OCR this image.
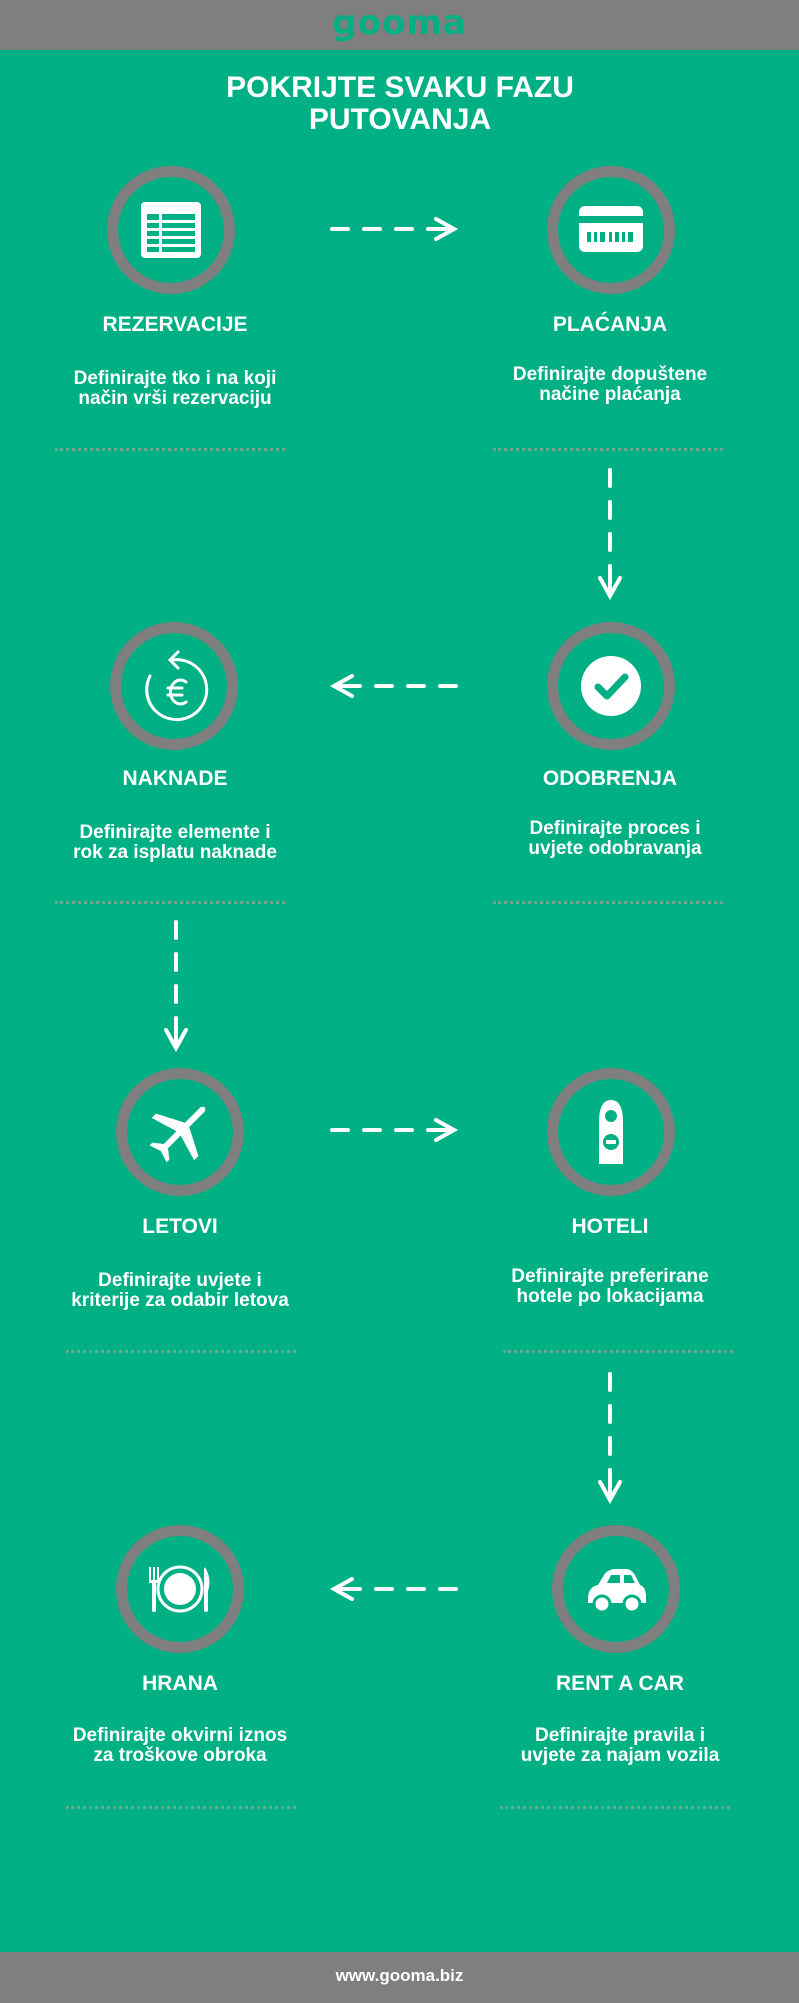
gooma
POKRIJTE SVAKU FAZU
PUTOVANJA
REZERVACIJE
Definirajte tko i na koji način vrši rezervaciju
PLAĆANJA
Definirajte dopuštene načine plaćanja
NAKNADE
Definirajte elemente i rok za isplatu naknade
ODOBRENJA
Definirajte proces i uvjete odobravanja
LETOVI
Definirajte uvjete i kriterije za odabir letova
HOTELI
Definirajte preferirane hotele po lokacijama
HRANA
Definirajte okvirni iznos za troškove obroka
RENT A CAR
Definirajte pravila i uvjete za najam vozila
www.gooma.biz
